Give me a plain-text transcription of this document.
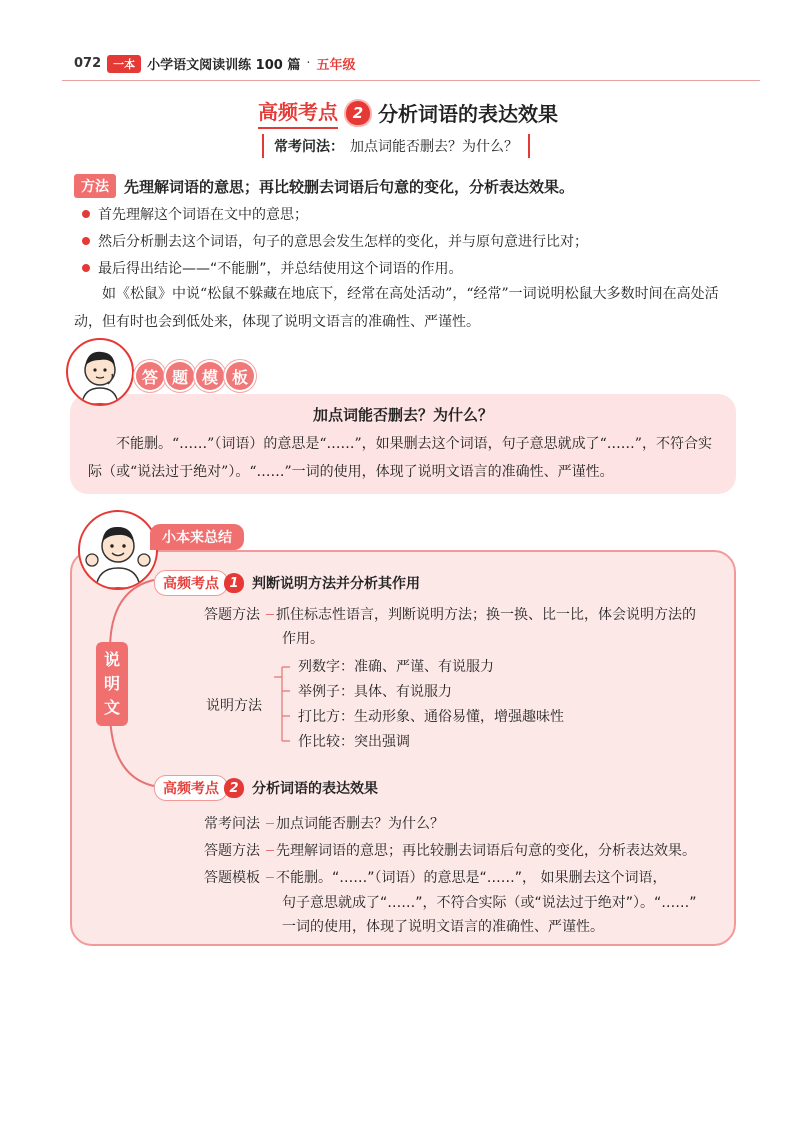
072	一本 小学语文阅读训练 100 篇 · 五年级
高频考点 2 分析词语的表达效果
常考问法： 加点词能否删去？为什么？
方法	先理解词语的意思；再比较删去词语后句意的变化，分析表达效果。
首先理解这个词语在文中的意思；
然后分析删去这个词语，句子的意思会发生怎样的变化，并与原句意进行比对；
最后得出结论——“不能删”，并总结使用这个词语的作用。
如《松鼠》中说“松鼠不躲藏在地底下，经常在高处活动”，“经常”一词说明松鼠大多数时间在高处活动，但有时也会到低处来，体现了说明文语言的准确性、严谨性。
答 题 模 板
加点词能否删去？为什么？
不能删。“……”（词语）的意思是“……”，如果删去这个词语，句子意思就成了“……”，不符合实际（或“说法过于绝对”）。“……”一词的使用，体现了说明文语言的准确性、严谨性。
小本来总结
说明文
高频考点 1 判断说明方法并分析其作用
答题方法	抓住标志性语言，判断说明方法；换一换、比一比，体会说明方法的
作用。
说明方法
列数字： 准确、严谨、有说服力
举例子： 具体、有说服力
打比方： 生动形象、通俗易懂，增强趣味性
作比较： 突出强调
高频考点 2 分析词语的表达效果
常考问法	加点词能否删去？为什么？
答题方法	先理解词语的意思；再比较删去词语后句意的变化，分析表达效果。
答题模板	不能删。“……”（词语）的意思是“……”， 如果删去这个词语，
句子意思就成了“……”，不符合实际（或“说法过于绝对”）。“……”
一词的使用，体现了说明文语言的准确性、严谨性。
